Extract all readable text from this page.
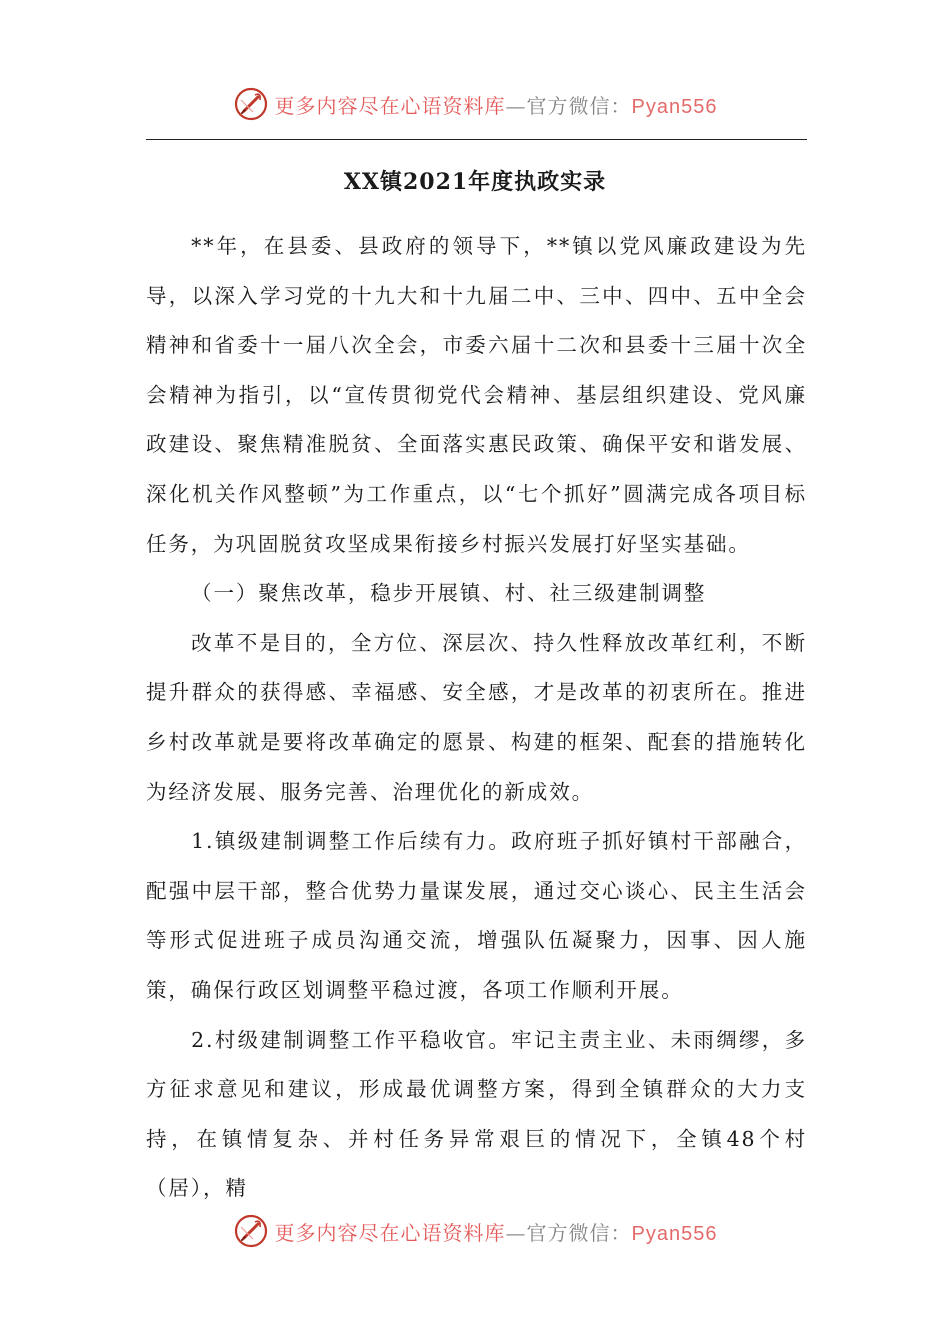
更多内容尽在心语资料库—官方微信：Pyan556
XX镇2021年度执政实录

**年，在县委、县政府的领导下，**镇以党风廉政建设为先导，以深入学习党的十九大和十九届二中、三中、四中、五中全会精神和省委十一届八次全会，市委六届十二次和县委十三届十次全会精神为指引，以“宣传贯彻党代会精神、基层组织建设、党风廉政建设、聚焦精准脱贫、全面落实惠民政策、确保平安和谐发展、深化机关作风整顿”为工作重点，以“七个抓好”圆满完成各项目标任务，为巩固脱贫攻坚成果衔接乡村振兴发展打好坚实基础。

（一）聚焦改革，稳步开展镇、村、社三级建制调整

改革不是目的，全方位、深层次、持久性释放改革红利，不断提升群众的获得感、幸福感、安全感，才是改革的初衷所在。推进乡村改革就是要将改革确定的愿景、构建的框架、配套的措施转化为经济发展、服务完善、治理优化的新成效。

1.镇级建制调整工作后续有力。政府班子抓好镇村干部融合，配强中层干部，整合优势力量谋发展，通过交心谈心、民主生活会等形式促进班子成员沟通交流，增强队伍凝聚力，因事、因人施策，确保行政区划调整平稳过渡，各项工作顺利开展。

2.村级建制调整工作平稳收官。牢记主责主业、未雨绸缪，多方征求意见和建议，形成最优调整方案，得到全镇群众的大力支持，在镇情复杂、并村任务异常艰巨的情况下，全镇48个村（居），精

更多内容尽在心语资料库—官方微信：Pyan556
